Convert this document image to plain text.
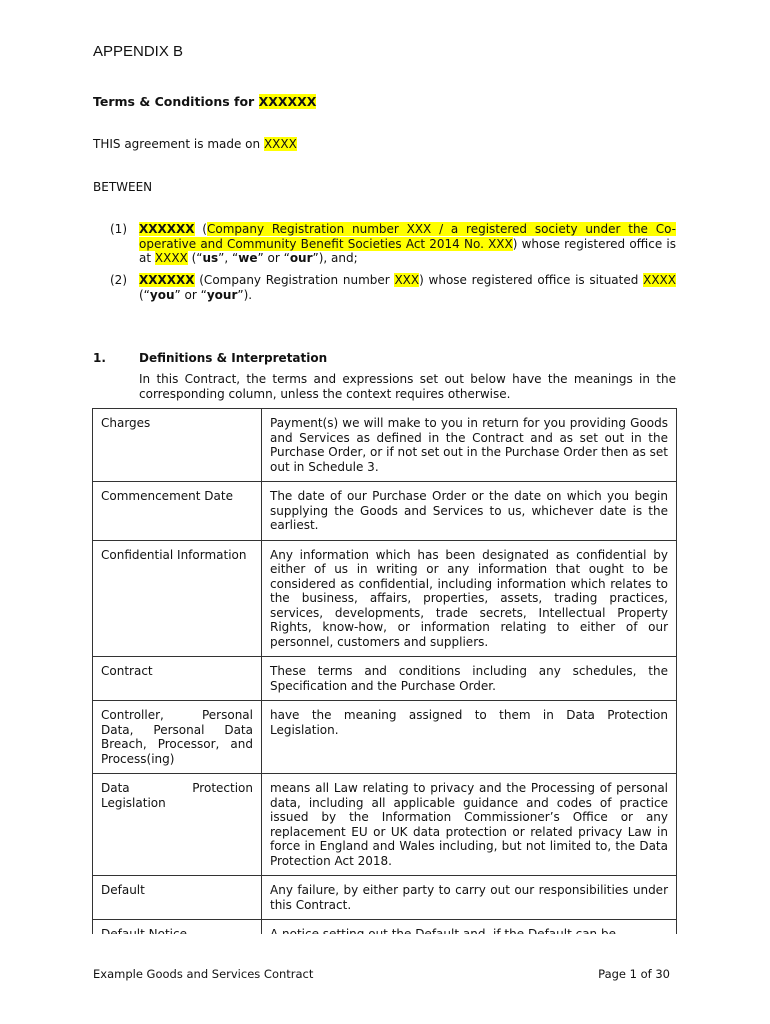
APPENDIX B
Terms & Conditions for XXXXXX
THIS agreement is made on XXXX
BETWEEN
(1)	XXXXXX (Company Registration number XXX / a registered society under the Co-operative and Community Benefit Societies Act 2014 No. XXX) whose registered office is at XXXX (“us”, “we” or “our”), and;
(2)	XXXXXX (Company Registration number XXX) whose registered office is situated XXXX (“you” or “your”).
1.	Definitions & Interpretation
In this Contract, the terms and expressions set out below have the meanings in the corresponding column, unless the context requires otherwise.
Charges	Payment(s) we will make to you in return for you providing Goods and Services as defined in the Contract and as set out in the Purchase Order, or if not set out in the Purchase Order then as set out in Schedule 3.
Commencement Date	The date of our Purchase Order or the date on which you begin supplying the Goods and Services to us, whichever date is the earliest.
Confidential Information	Any information which has been designated as confidential by either of us in writing or any information that ought to be considered as confidential, including information which relates to the business, affairs, properties, assets, trading practices, services, developments, trade secrets, Intellectual Property Rights, know-how, or information relating to either of our personnel, customers and suppliers.
Contract	These terms and conditions including any schedules, the Specification and the Purchase Order.
Controller, Personal Data, Personal Data Breach, Processor, and Process(ing)	have the meaning assigned to them in Data Protection Legislation.
Data Protection Legislation	means all Law relating to privacy and the Processing of personal data, including all applicable guidance and codes of practice issued by the Information Commissioner’s Office or any replacement EU or UK data protection or related privacy Law in force in England and Wales including, but not limited to, the Data Protection Act 2018.
Default	Any failure, by either party to carry out our responsibilities under this Contract.

Example Goods and Services Contract	Page 1 of 30
